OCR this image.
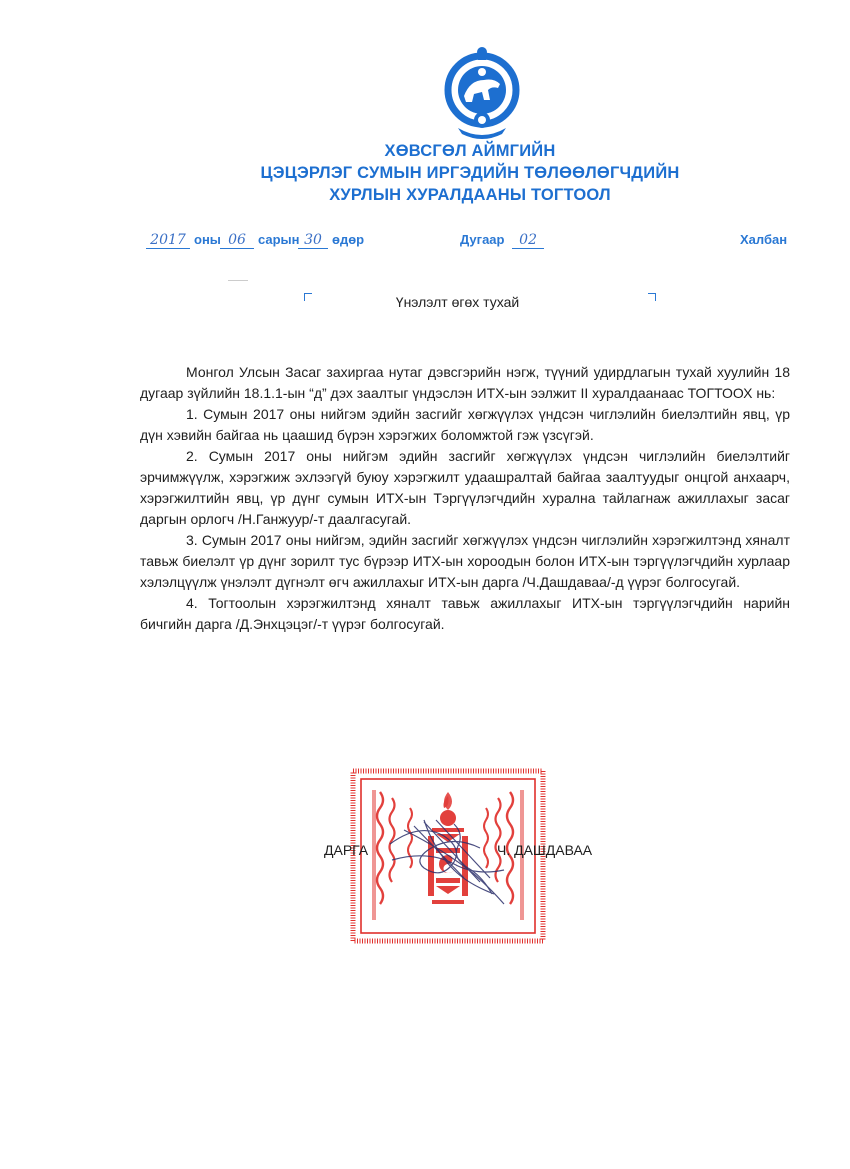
ХӨВСГӨЛ АЙМГИЙН
ЦЭЦЭРЛЭГ СУМЫН ИРГЭДИЙН ТӨЛӨӨЛӨГЧДИЙН
ХУРЛЫН ХУРАЛДААНЫ ТОГТООЛ
2017 оны 06 сарын 30 өдөр	Дугаар 02	Халбан
Үнэлэлт өгөх тухай

Монгол Улсын Засаг захиргаа нутаг дэвсгэрийн нэгж, түүний удирдлагын тухай хуулийн 18 дугаар зүйлийн 18.1.1-ын “д” дэх заалтыг үндэслэн ИТХ-ын ээлжит II хуралдаанаас ТОГТООХ нь:

1. Сумын 2017 оны нийгэм эдийн засгийг хөгжүүлэх үндсэн чиглэлийн биелэлтийн явц, үр дүн хэвийн байгаа нь цаашид бүрэн хэрэгжих боломжтой гэж үзсүгэй.

2. Сумын 2017 оны нийгэм эдийн засгийг хөгжүүлэх үндсэн чиглэлийн биелэлтийг эрчимжүүлж, хэрэгжиж эхлээгүй буюу хэрэгжилт удаашралтай байгаа заалтуудыг онцгой анхаарч, хэрэгжилтийн явц, үр дүнг сумын ИТХ-ын Тэргүүлэгчдийн хурална тайлагнаж ажиллахыг засаг даргын орлогч /Н.Ганжуур/-т даалгасугай.

3. Сумын 2017 оны нийгэм, эдийн засгийг хөгжүүлэх үндсэн чиглэлийн хэрэгжилтэнд хяналт тавьж биелэлт үр дүнг зорилт тус бүрээр ИТХ-ын хороодын болон ИТХ-ын тэргүүлэгчдийн хурлаар хэлэлцүүлж үнэлэлт дүгнэлт өгч ажиллахыг ИТХ-ын дарга /Ч.Дашдаваа/-д үүрэг болгосугай.

4. Тогтоолын хэрэгжилтэнд хяналт тавьж ажиллахыг ИТХ-ын тэргүүлэгчдийн нарийн бичгийн дарга /Д.Энхцэцэг/-т үүрэг болгосугай.

ДАРГА	Ч. ДАШДАВАА
